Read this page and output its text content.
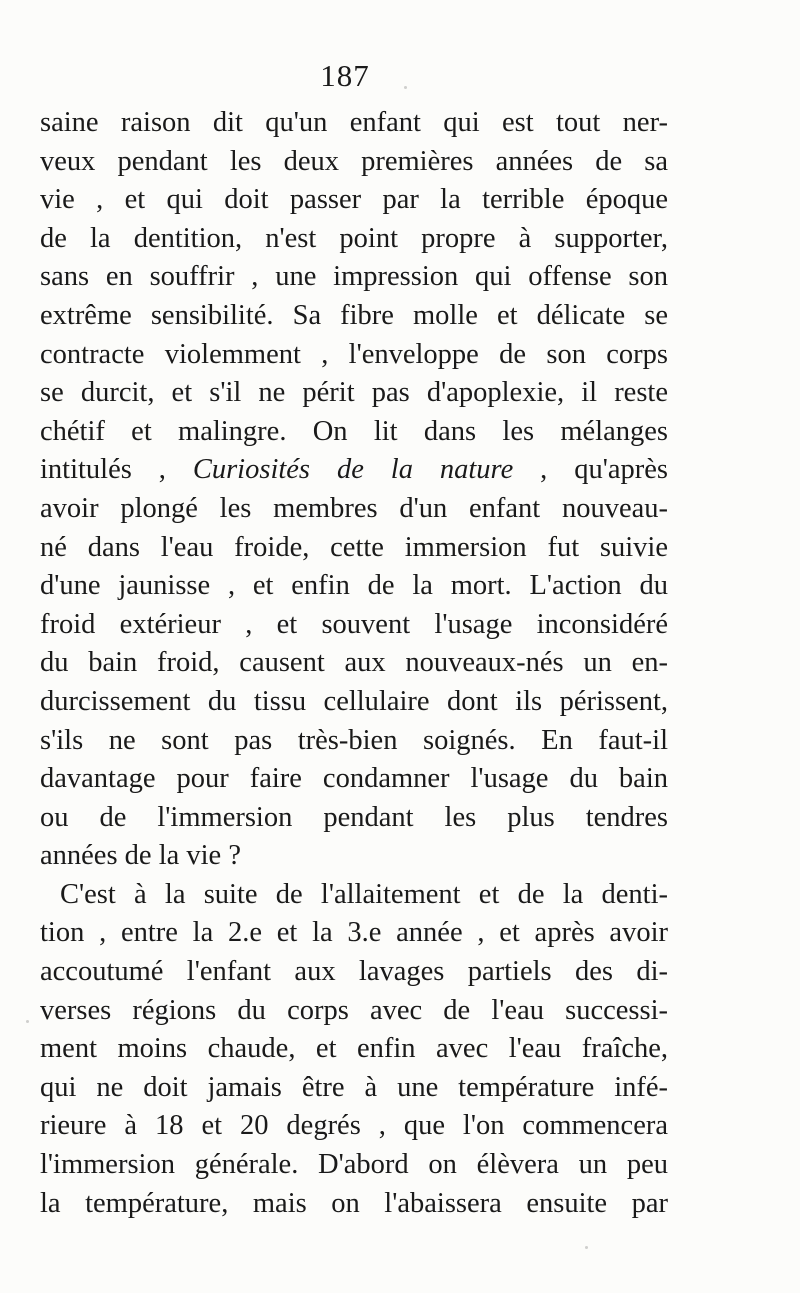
187
saine raison dit qu'un enfant qui est tout ner-
veux pendant les deux premières années de sa
vie , et qui doit passer par la terrible époque
de la dentition, n'est point propre à supporter,
sans en souffrir , une impression qui offense son
extrême sensibilité. Sa fibre molle et délicate se
contracte violemment , l'enveloppe de son corps
se durcit, et s'il ne périt pas d'apoplexie, il reste
chétif et malingre. On lit dans les mélanges
intitulés , Curiosités de la nature , qu'après
avoir plongé les membres d'un enfant nouveau-
né dans l'eau froide, cette immersion fut suivie
d'une jaunisse , et enfin de la mort. L'action du
froid extérieur , et souvent l'usage inconsidéré
du bain froid, causent aux nouveaux-nés un en-
durcissement du tissu cellulaire dont ils périssent,
s'ils ne sont pas très-bien soignés. En faut-il
davantage pour faire condamner l'usage du bain
ou de l'immersion pendant les plus tendres
années de la vie ?
C'est à la suite de l'allaitement et de la denti-
tion , entre la 2.e et la 3.e année , et après avoir
accoutumé l'enfant aux lavages partiels des di-
verses régions du corps avec de l'eau successi-
ment moins chaude, et enfin avec l'eau fraîche,
qui ne doit jamais être à une température infé-
rieure à 18 et 20 degrés , que l'on commencera
l'immersion générale. D'abord on élèvera un peu
la température, mais on l'abaissera ensuite par
